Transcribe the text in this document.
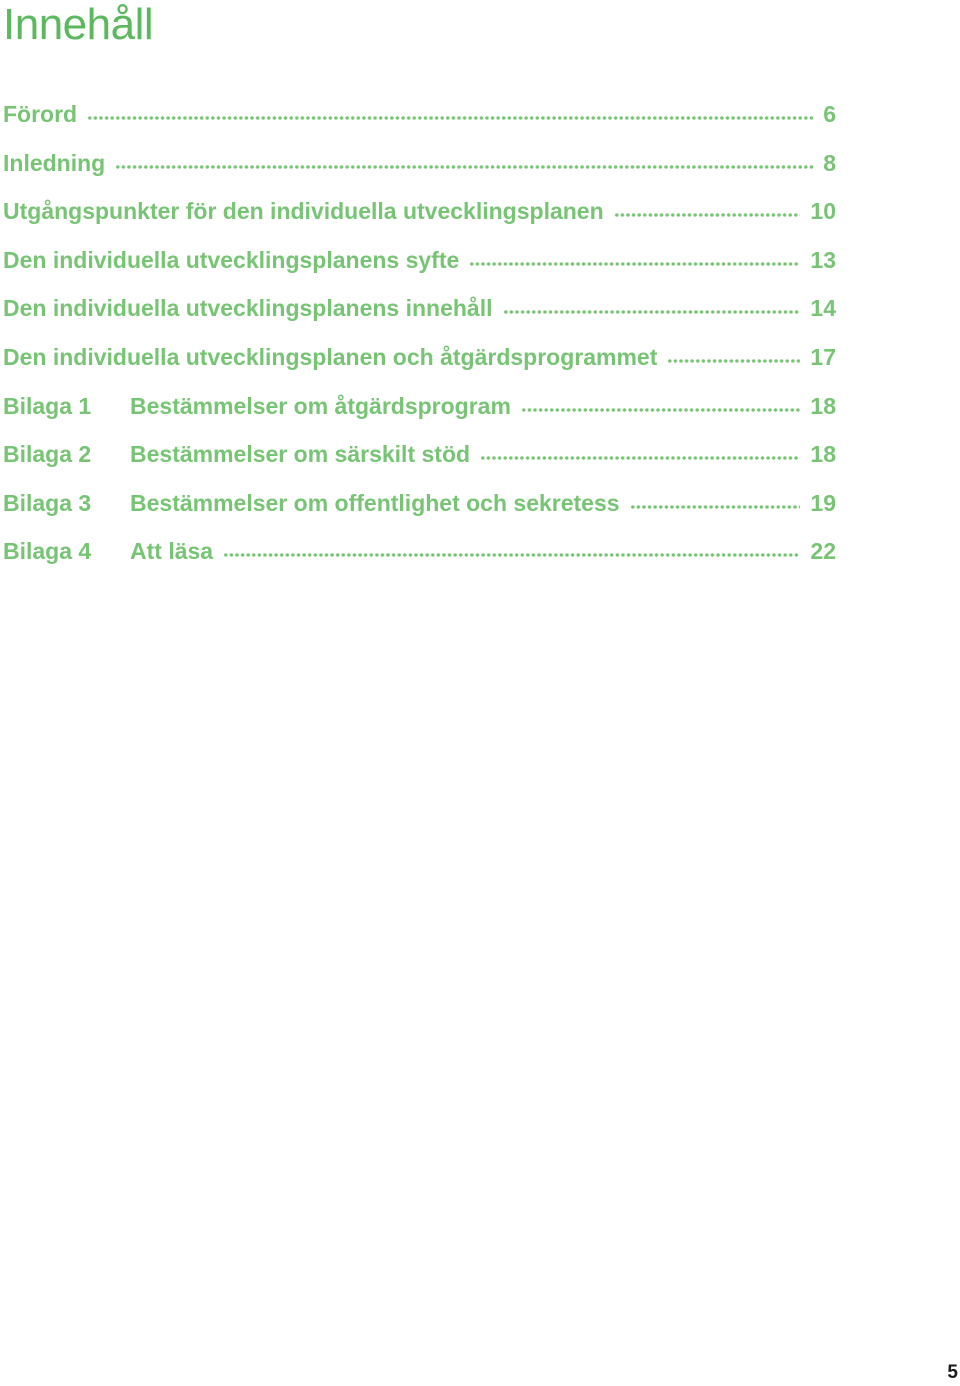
Innehåll
Förord	6
Inledning	8
Utgångspunkter för den individuella utvecklingsplanen	10
Den individuella utvecklingsplanens syfte	13
Den individuella utvecklingsplanens innehåll	14
Den individuella utvecklingsplanen och åtgärdsprogrammet	17
Bilaga 1	Bestämmelser om åtgärdsprogram	18
Bilaga 2	Bestämmelser om särskilt stöd	18
Bilaga 3	Bestämmelser om offentlighet och sekretess	19
Bilaga 4	Att läsa	22
5
